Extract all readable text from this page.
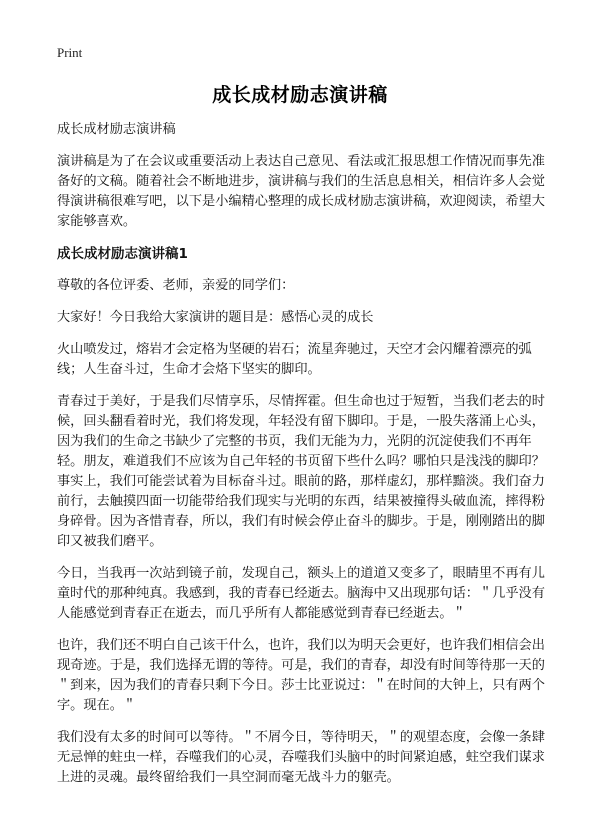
Print
成长成材励志演讲稿

成长成材励志演讲稿

演讲稿是为了在会议或重要活动上表达自己意见、看法或汇报思想工作情况而事先准备好的文稿。随着社会不断地进步，演讲稿与我们的生活息息相关，相信许多人会觉得演讲稿很难写吧，以下是小编精心整理的成长成材励志演讲稿，欢迎阅读，希望大家能够喜欢。

成长成材励志演讲稿1

尊敬的各位评委、老师，亲爱的同学们：

大家好！今日我给大家演讲的题目是：感悟心灵的成长

火山喷发过，熔岩才会定格为坚硬的岩石；流星奔驰过，天空才会闪耀着漂亮的弧线；人生奋斗过，生命才会烙下坚实的脚印。

青春过于美好，于是我们尽情享乐，尽情挥霍。但生命也过于短暂，当我们老去的时候，回头翻看着时光，我们将发现，年轻没有留下脚印。于是，一股失落涌上心头，因为我们的生命之书缺少了完整的书页，我们无能为力，光阴的沉淀使我们不再年轻。朋友，难道我们不应该为自己年轻的书页留下些什么吗？哪怕只是浅浅的脚印？事实上，我们可能尝试着为目标奋斗过。眼前的路，那样虚幻，那样黯淡。我们奋力前行，去触摸四面一切能带给我们现实与光明的东西，结果被撞得头破血流，摔得粉身碎骨。因为吝惜青春，所以，我们有时候会停止奋斗的脚步。于是，刚刚踏出的脚印又被我们磨平。

今日，当我再一次站到镜子前，发现自己，额头上的道道又变多了，眼睛里不再有儿童时代的那种纯真。我感到，我的青春已经逝去。脑海中又出现那句话：＂几乎没有人能感觉到青春正在逝去，而几乎所有人都能感觉到青春已经逝去。＂

也许，我们还不明白自己该干什么，也许，我们以为明天会更好，也许我们相信会出现奇迹。于是，我们选择无谓的等待。可是，我们的青春，却没有时间等待那一天的＂到来，因为我们的青春只剩下今日。莎士比亚说过：＂在时间的大钟上，只有两个字。现在。＂

我们没有太多的时间可以等待。＂不屑今日，等待明天，＂的观望态度，会像一条肆无忌惮的蛀虫一样，吞噬我们的心灵，吞噬我们头脑中的时间紧迫感，蛀空我们谋求上进的灵魂。最终留给我们一具空洞而毫无战斗力的躯壳。
